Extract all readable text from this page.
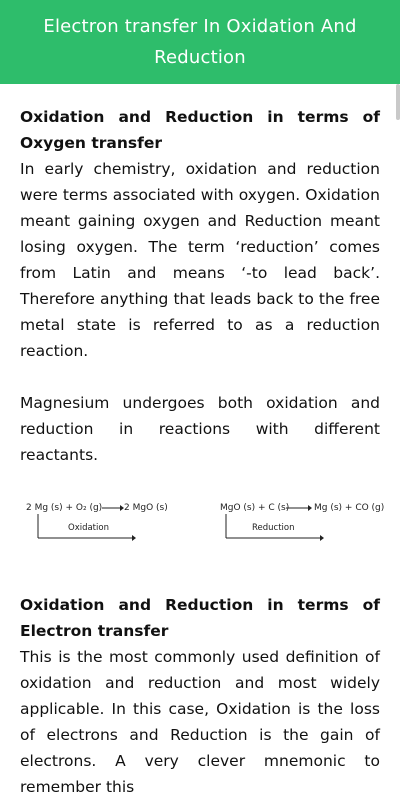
Electron transfer In Oxidation And Reduction

Oxidation and Reduction in terms of Oxygen transfer

In early chemistry, oxidation and reduction were terms associated with oxygen. Oxidation meant gaining oxygen and Reduction meant losing oxygen. The term ‘reduction’ comes from Latin and means ‘-to lead back’. Therefore anything that leads back to the free metal state is referred to as a reduction reaction.

Magnesium undergoes both oxidation and reduction in reactions with different reactants.

2 Mg (s) + O₂ (g) 2 MgO (s)
Oxidation
MgO (s) + C (s)	Mg (s) + CO (g)
Reduction

Oxidation and Reduction in terms of Electron transfer

This is the most commonly used definition of oxidation and reduction and most widely applicable. In this case, Oxidation is the loss of electrons and Reduction is the gain of electrons. A very clever mnemonic to remember this
